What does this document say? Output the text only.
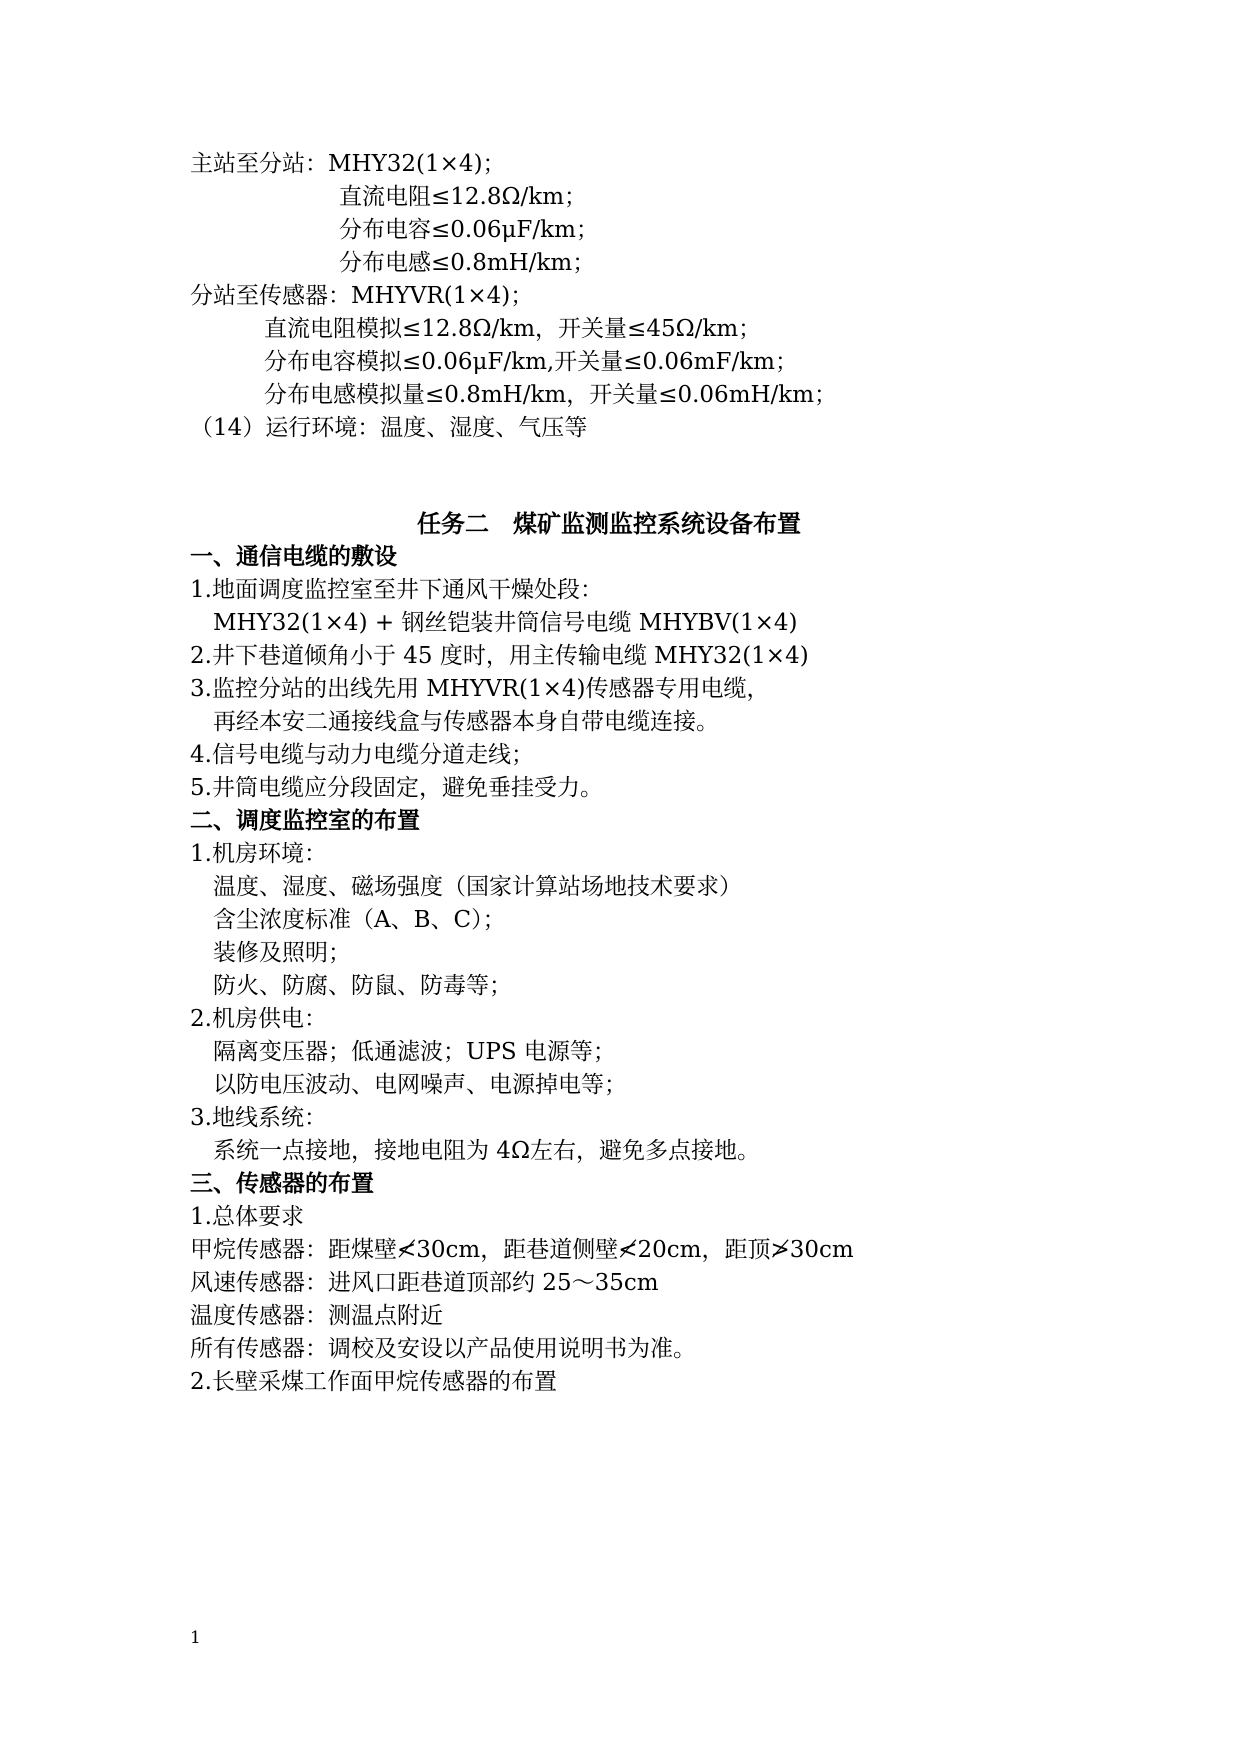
主站至分站：MHY32(1×4)；
直流电阻≤12.8Ω/km；
分布电容≤0.06μF/km；
分布电感≤0.8mH/km；
分站至传感器：MHYVR(1×4)；
直流电阻模拟≤12.8Ω/km，开关量≤45Ω/km；
分布电容模拟≤0.06μF/km,开关量≤0.06mF/km；
分布电感模拟量≤0.8mH/km，开关量≤0.06mH/km；
（14）运行环境：温度、湿度、气压等
任务二　煤矿监测监控系统设备布置
一、通信电缆的敷设
1.地面调度监控室至井下通风干燥处段：
MHY32(1×4) + 钢丝铠装井筒信号电缆 MHYBV(1×4)
2.井下巷道倾角小于 45 度时，用主传输电缆 MHY32(1×4)
3.监控分站的出线先用 MHYVR(1×4)传感器专用电缆，
再经本安二通接线盒与传感器本身自带电缆连接。
4.信号电缆与动力电缆分道走线；
5.井筒电缆应分段固定，避免垂挂受力。
二、调度监控室的布置
1.机房环境：
温度、湿度、磁场强度（国家计算站场地技术要求）
含尘浓度标准（A、B、C）；
装修及照明；
防火、防腐、防鼠、防毒等；
2.机房供电：
隔离变压器；低通滤波；UPS 电源等；
以防电压波动、电网噪声、电源掉电等；
3.地线系统：
系统一点接地，接地电阻为 4Ω左右，避免多点接地。
三、传感器的布置
1.总体要求
甲烷传感器：距煤壁≮30cm，距巷道侧壁≮20cm，距顶≯30cm
风速传感器：进风口距巷道顶部约 25～35cm
温度传感器：测温点附近
所有传感器：调校及安设以产品使用说明书为准。
2.长壁采煤工作面甲烷传感器的布置
1
